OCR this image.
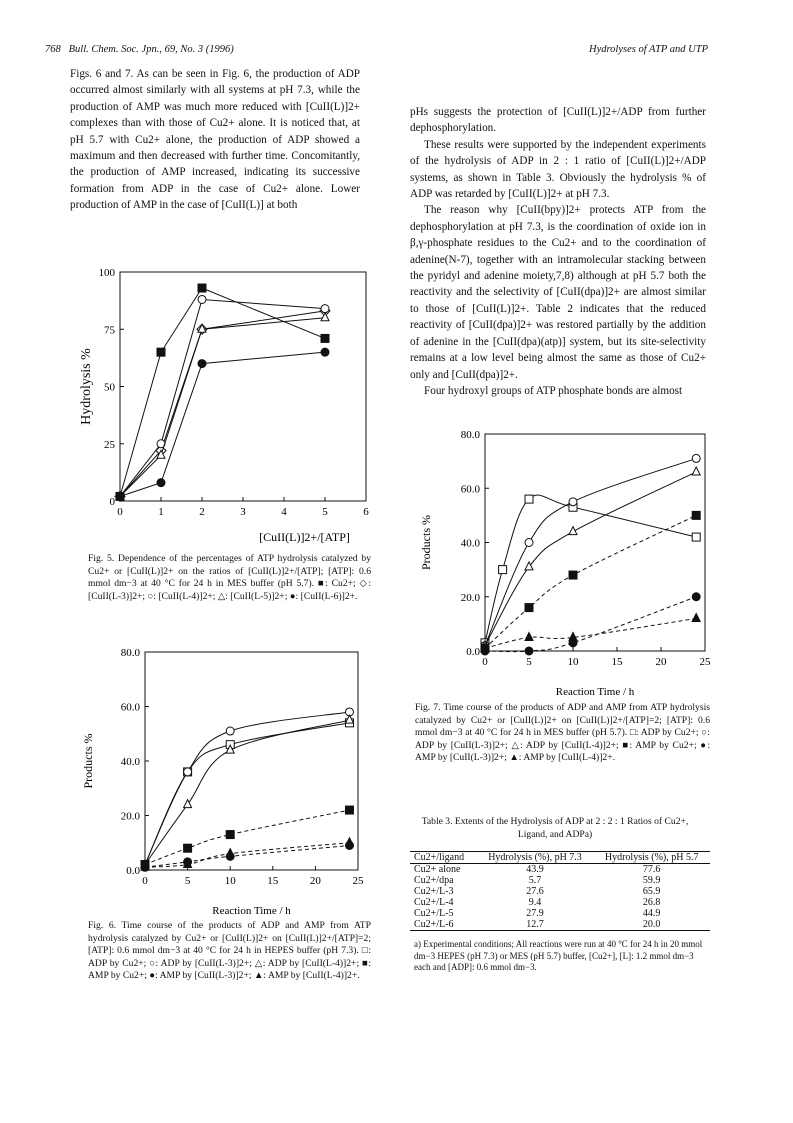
768 Bull. Chem. Soc. Jpn., 69, No. 3 (1996)	Hydrolyses of ATP and UTP

Figs. 6 and 7. As can be seen in Fig. 6, the production of ADP occurred almost similarly with all systems at pH 7.3, while the production of AMP was much more reduced with [CuII(L)]2+ complexes than with those of Cu2+ alone. It is noticed that, at pH 5.7 with Cu2+ alone, the production of ADP showed a maximum and then decreased with further time. Concomitantly, the production of AMP increased, indicating its successive formation from ADP in the case of Cu2+ alone. Lower production of AMP in the case of [CuII(L)] at both

pHs suggests the protection of [CuII(L)]2+/ADP from further dephosphorylation.

These results were supported by the independent experiments of the hydrolysis of ADP in 2 : 1 ratio of [CuII(L)]2+/ADP systems, as shown in Table 3. Obviously the hydrolysis % of ADP was retarded by [CuII(L)]2+ at pH 7.3.

The reason why [CuII(bpy)]2+ protects ATP from the dephosphorylation at pH 7.3, is the coordination of oxide ion in β,γ-phosphate residues to the Cu2+ and to the coordination of adenine(N-7), together with an intramolecular stacking between the pyridyl and adenine moiety,7,8) although at pH 5.7 both the reactivity and the selectivity of [CuII(dpa)]2+ are almost similar to those of [CuII(L)]2+. Table 2 indicates that the reduced reactivity of [CuII(dpa)]2+ was restored partially by the addition of adenine in the [CuII(dpa)(atp)] system, but its site-selectivity remains at a low level being almost the same as those of Cu2+ only and [CuII(dpa)]2+.

Four hydroxyl groups of ATP phosphate bonds are almost

0	1	2	3	4	5	6
0
25
50
75
100
[CuII(L)]2+/[ATP]
Hydrolysis %
Fig. 5. Dependence of the percentages of ATP hydrolysis catalyzed by Cu2+ or [CuII(L)]2+ on the ratios of [CuII(L)]2+/[ATP]; [ATP]: 0.6 mmol dm−3 at 40 °C for 24 h in MES buffer (pH 5.7). ■: Cu2+; ◇: [CuII(L-3)]2+; ○: [CuII(L-4)]2+; △: [CuII(L-5)]2+; ●: [CuII(L-6)]2+.
0	5	10	15	20	25
0.0
20.0
40.0
60.0
80.0
Reaction Time / h
Products %
Fig. 6. Time course of the products of ADP and AMP from ATP hydrolysis catalyzed by Cu2+ or [CuII(L)]2+ on [CuII(L)]2+/[ATP]=2; [ATP]: 0.6 mmol dm−3 at 40 °C for 24 h in HEPES buffer (pH 7.3). □: ADP by Cu2+; ○: ADP by [CuII(L-3)]2+; △: ADP by [CuII(L-4)]2+; ■: AMP by Cu2+; ●: AMP by [CuII(L-3)]2+; ▲: AMP by [CuII(L-4)]2+.
0	5	10	15	20	25
0.0
20.0
40.0
60.0
80.0
Reaction Time / h
Products %
Fig. 7. Time course of the products of ADP and AMP from ATP hydrolysis catalyzed by Cu2+ or [CuII(L)]2+ on [CuII(L)]2+/[ATP]=2; [ATP]: 0.6 mmol dm−3 at 40 °C for 24 h in MES buffer (pH 5.7). □: ADP by Cu2+; ○: ADP by [CuII(L-3)]2+; △: ADP by [CuII(L-4)]2+; ■: AMP by Cu2+; ●: AMP by [CuII(L-3)]2+; ▲: AMP by [CuII(L-4)]2+.
Table 3. Extents of the Hydrolysis of ADP at 2 : 2 : 1 Ratios of Cu2+, Ligand, and ADPa)
Cu2+/ligand	Hydrolysis (%), pH 7.3	Hydrolysis (%), pH 5.7
Cu2+ alone	43.9	77.6
Cu2+/dpa	5.7	59.9
Cu2+/L-3	27.6	65.9
Cu2+/L-4	9.4	26.8
Cu2+/L-5	27.9	44.9
Cu2+/L-6	12.7	20.0
a) Experimental conditions; All reactions were run at 40 °C for 24 h in 20 mmol dm−3 HEPES (pH 7.3) or MES (pH 5.7) buffer, [Cu2+], [L]: 1.2 mmol dm−3 each and [ADP]: 0.6 mmol dm−3.
